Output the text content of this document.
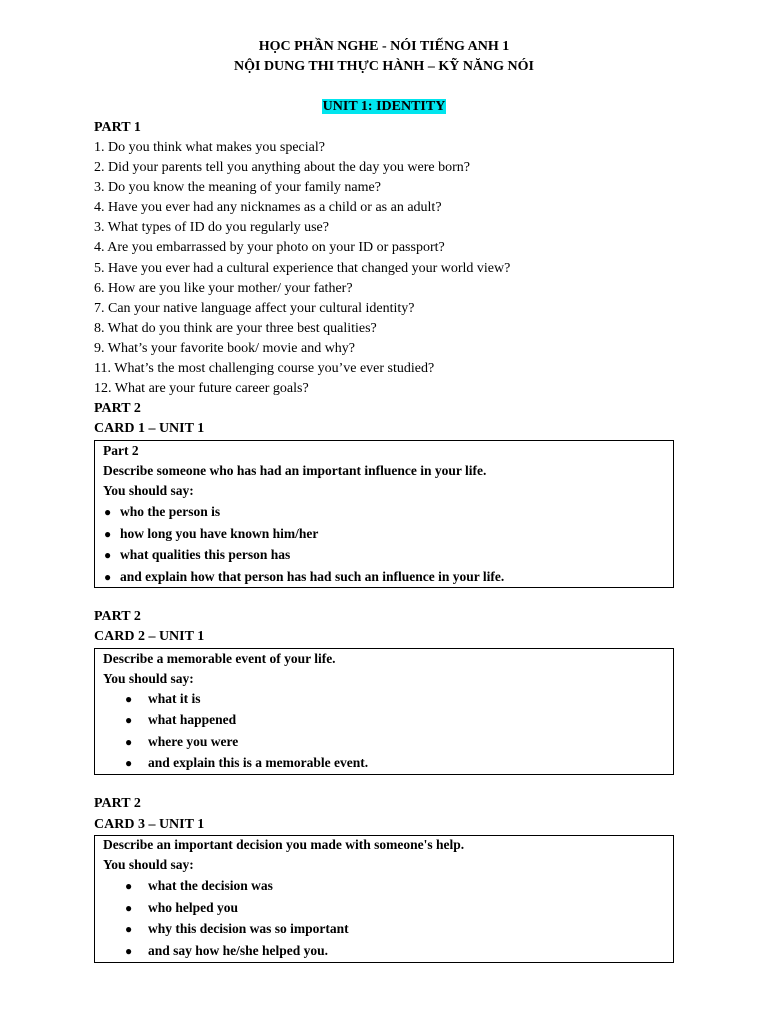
HỌC PHẦN NGHE - NÓI TIẾNG ANH 1
NỘI DUNG THI THỰC HÀNH – KỸ NĂNG NÓI
UNIT 1: IDENTITY
PART 1
1. Do you think what makes you special?
2. Did your parents tell you anything about the day you were born?
3. Do you know the meaning of your family name?
4. Have you ever had any nicknames as a child or as an adult?
3. What types of ID do you regularly use?
4. Are you embarrassed by your photo on your ID or passport?
5. Have you ever had a cultural experience that changed your world view?
6. How are you like your mother/ your father?
7. Can your native language affect your cultural identity?
8. What do you think are your three best qualities?
9. What’s your favorite book/ movie and why?
11. What’s the most challenging course you’ve ever studied?
12. What are your future career goals?
PART 2
CARD 1 – UNIT 1
Part 2
Describe someone who has had an important influence in your life.
You should say:
● who the person is
● how long you have known him/her
● what qualities this person has
● and explain how that person has had such an influence in your life.
PART 2
CARD 2 – UNIT 1
Describe a memorable event of your life.
You should say:
● what it is
● what happened
● where you were
● and explain this is a memorable event.
PART 2
CARD 3 – UNIT 1
Describe an important decision you made with someone's help.
You should say:
● what the decision was
● who helped you
● why this decision was so important
● and say how he/she helped you.
